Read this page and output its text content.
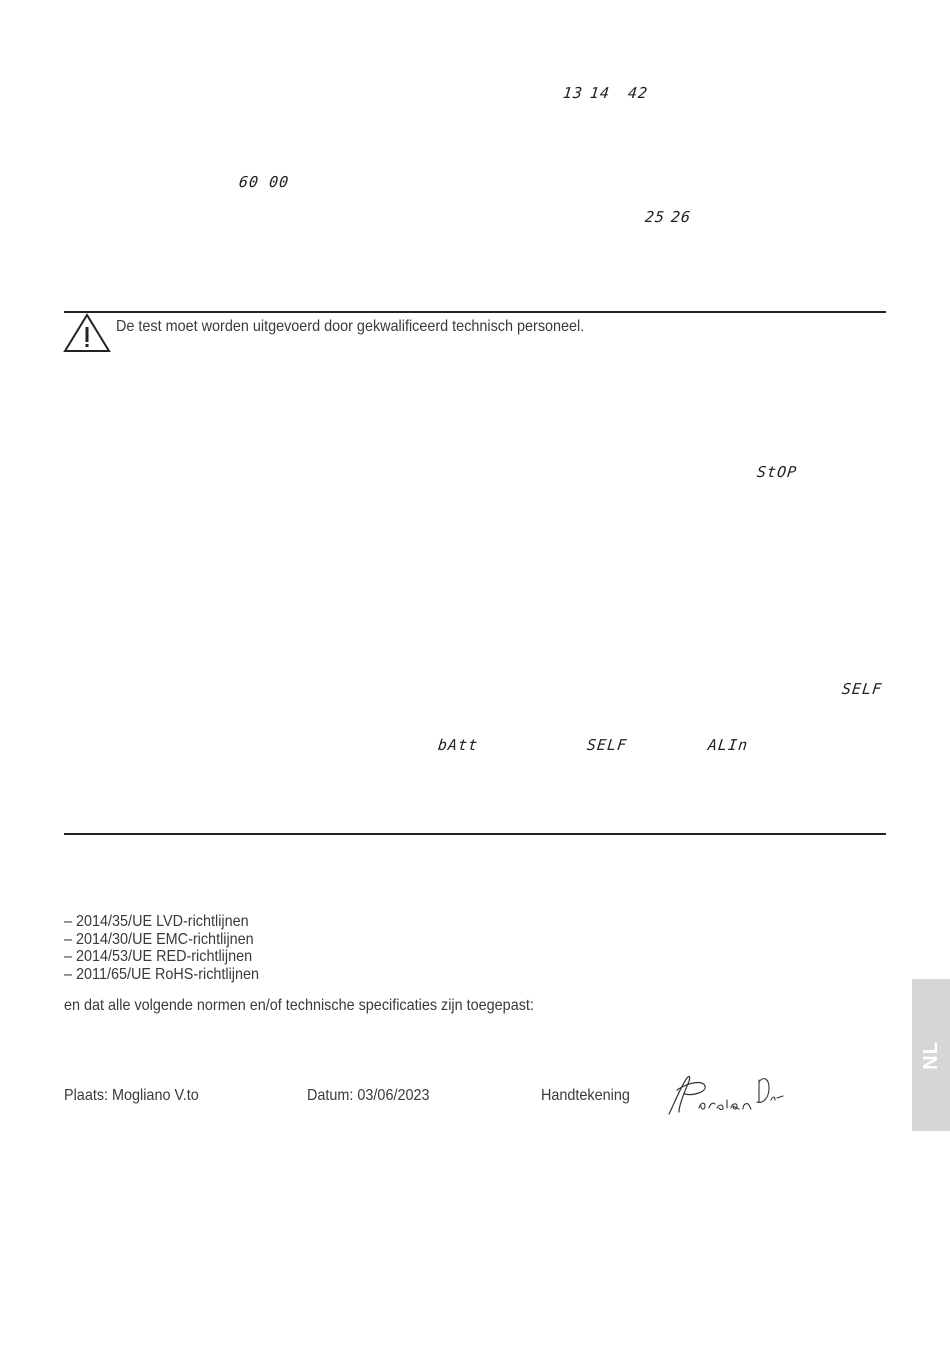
13 14 42
60 00
25 26
De test moet worden uitgevoerd door gekwalificeerd technisch personeel.
StOP
SELF
bAtt	SELF	ALIn
– 2014/35/UE LVD-richtlijnen
– 2014/30/UE EMC-richtlijnen
– 2014/53/UE RED-richtlijnen
– 2011/65/UE RoHS-richtlijnen
en dat alle volgende normen en/of technische specificaties zijn toegepast:
Plaats: Mogliano V.to	Datum: 03/06/2023	Handtekening
NL
